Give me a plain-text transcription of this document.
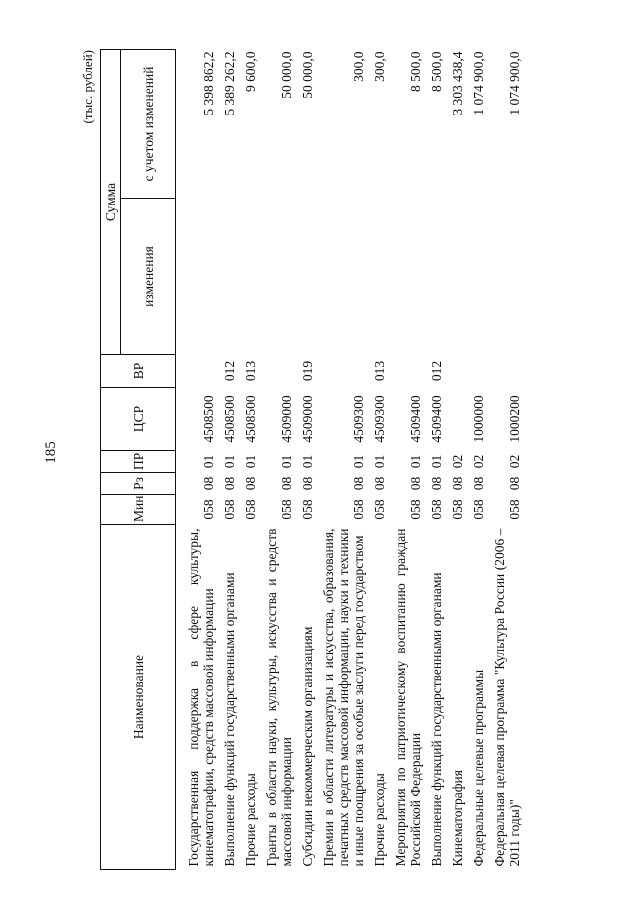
185
(тыс. рублей)
Наименование	Мин	Рз	ПР	ЦСР	ВР	Сумма	
						изменения	с учетом изменений
Государственная поддержка в сфере культуры, кинематографии, средств массовой информации	058	08	01	4508500			5 398 862,2
Выполнение функций государственными органами	058	08	01	4508500	012		5 389 262,2
Прочие расходы	058	08	01	4508500	013		9 600,0
Гранты в области науки, культуры, искусства и средств массовой информации	058	08	01	4509000			50 000,0
Субсидии некоммерческим организациям	058	08	01	4509000	019		50 000,0
Премии в области литературы и искусства, образования, печатных средств массовой информации, науки и техники и иные поощрения за особые заслуги перед государством	058	08	01	4509300			300,0
Прочие расходы	058	08	01	4509300	013		300,0
Мероприятия по патриотическому воспитанию граждан Российской Федерации	058	08	01	4509400			8 500,0
Выполнение функций государственными органами	058	08	01	4509400	012		8 500,0
Кинематография	058	08	02				3 303 438,4
Федеральные целевые программы	058	08	02	1000000			1 074 900,0
Федеральная целевая программа "Культура России (2006 – 2011 годы)"	058	08	02	1000200			1 074 900,0
